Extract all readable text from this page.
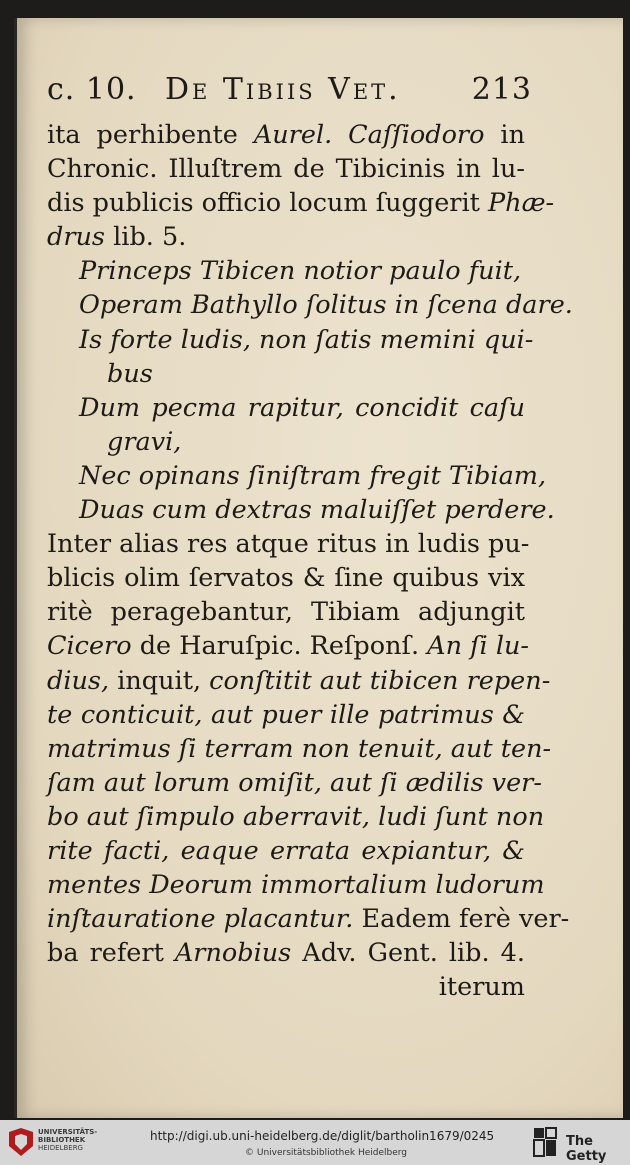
c. 10. De Tibiis Vet. 213
ita perhibente Aurel. Caſſiodoro in
Chronic. Illuſtrem de Tibicinis in lu-
dis publicis officio locum ſuggerit Phæ-
drus lib. 5.
Princeps Tibicen notior paulo fuit,
Operam Bathyllo ſolitus in ſcena dare.
Is forte ludis, non ſatis memini qui-
bus
Dum pecma rapitur, concidit caſu
gravi,
Nec opinans ſiniſtram fregit Tibiam,
Duas cum dextras maluiſſet perdere.
Inter alias res atque ritus in ludis pu-
blicis olim ſervatos & ſine quibus vix
ritè peragebantur, Tibiam adjungit
Cicero de Haruſpic. Reſponſ. An ſi lu-
dius, inquit, conſtitit aut tibicen repen-
te conticuit, aut puer ille patrimus &
matrimus ſi terram non tenuit, aut ten-
ſam aut lorum omiſit, aut ſi ædilis ver-
bo aut ſimpulo aberravit, ludi ſunt non
rite facti, eaque errata expiantur, &
mentes Deorum immortalium ludorum
inſtauratione placantur. Eadem ferè ver-
ba refert Arnobius Adv. Gent. lib. 4.
iterum
UNIVERSITÄTS-
BIBLIOTHEK
HEIDELBERG
http://digi.ub.uni-heidelberg.de/diglit/bartholin1679/0245
© Universitätsbibliothek Heidelberg
The Getty
